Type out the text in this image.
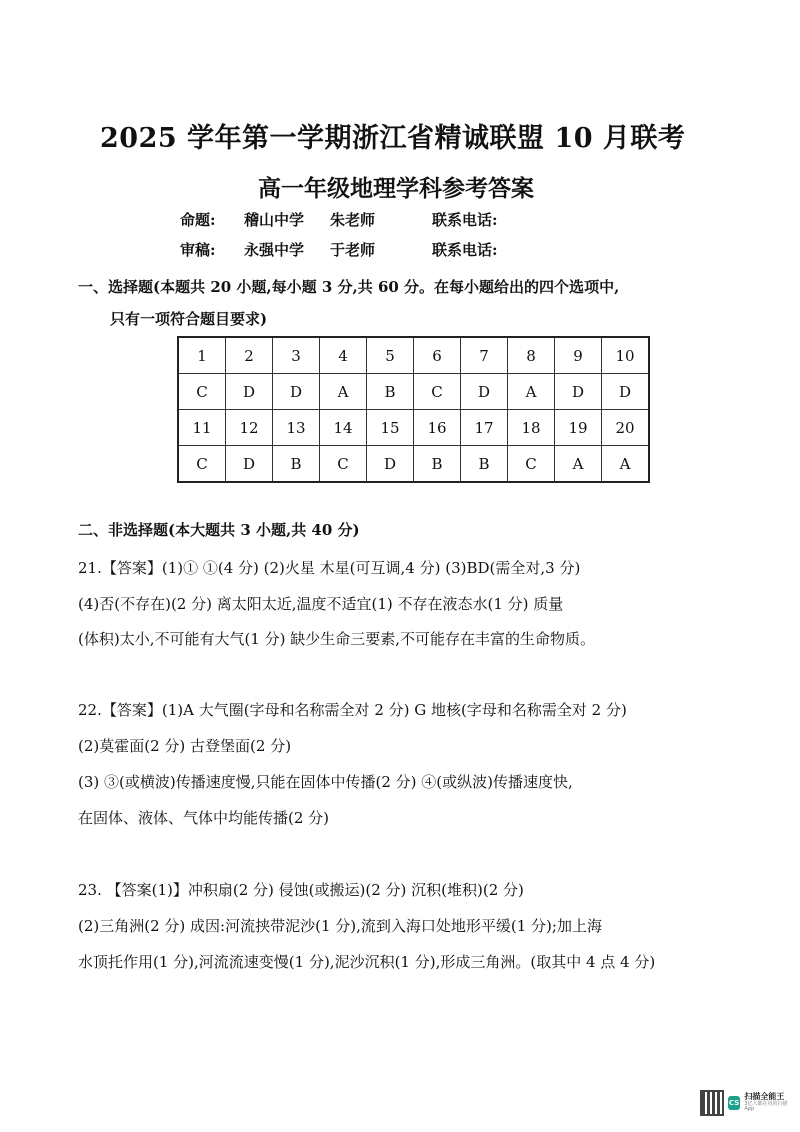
2025 学年第一学期浙江省精诚联盟 10 月联考
高一年级地理学科参考答案
命题: 稽山中学 朱老师	联系电话:
审稿: 永强中学 于老师	联系电话:
一、选择题(本题共 20 小题,每小题 3 分,共 60 分。在每小题给出的四个选项中,
只有一项符合题目要求)
1	2	3	4	5	6	7	8	9	10
C	D	D	A	B	C	D	A	D	D
11	12	13	14	15	16	17	18	19	20
C	D	B	C	D	B	B	C	A	A
二、非选择题(本大题共 3 小题,共 40 分)
21.【答案】(1)① ①(4 分) (2)火星 木星(可互调,4 分) (3)BD(需全对,3 分)
(4)否(不存在)(2 分) 离太阳太近,温度不适宜(1) 不存在液态水(1 分) 质量
(体积)太小,不可能有大气(1 分) 缺少生命三要素,不可能存在丰富的生命物质。
22.【答案】(1)A 大气圈(字母和名称需全对 2 分) G 地核(字母和名称需全对 2 分)
(2)莫霍面(2 分) 古登堡面(2 分)
(3) ③(或横波)传播速度慢,只能在固体中传播(2 分) ④(或纵波)传播速度快,
在固体、液体、气体中均能传播(2 分)
23. 【答案(1)】冲积扇(2 分) 侵蚀(或搬运)(2 分) 沉积(堆积)(2 分)
(2)三角洲(2 分) 成因:河流挟带泥沙(1 分),流到入海口处地形平缓(1 分);加上海
水顶托作用(1 分),河流流速变慢(1 分),泥沙沉积(1 分),形成三角洲。(取其中 4 点 4 分)
CS
扫描全能王
3亿人都在用的扫描App
